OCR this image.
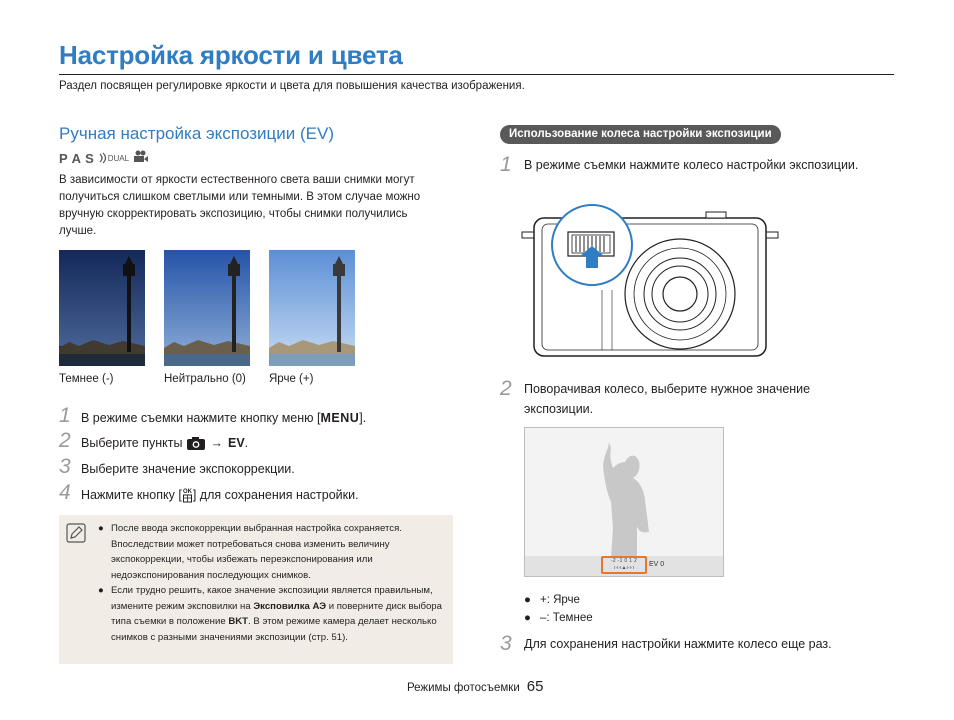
Настройка яркости и цвета
Раздел посвящен регулировке яркости и цвета для повышения качества изображения.
Ручная настройка экспозиции (EV)
P A S DUAL
В зависимости от яркости естественного света ваши снимки могут получиться слишком светлыми или темными. В этом случае можно вручную скорректировать экспозицию, чтобы снимки получились лучше.
Темнее (-)	Нейтрально (0) Ярче (+)
1 В режиме съемки нажмите кнопку меню [MENU].
2 Выберите пункты → EV.
3 Выберите значение экспокоррекции.
4 Нажмите кнопку [ OK ] для сохранения настройки.
● После ввода экспокоррекции выбранная настройка сохраняется. Впоследствии может потребоваться снова изменить величину экспокоррекции, чтобы избежать переэкспонирования или недоэкспонирования последующих снимков.
● Если трудно решить, какое значение экспозиции является правильным, измените режим эксповилки на Эксповилка АЭ и поверните диск выбора типа съемки в положение BKT. В этом режиме камера делает несколько снимков с разными значениями экспозиции (стр. 51).
Использование колеса настройки экспозиции
1 В режиме съемки нажмите колесо настройки экспозиции.
2 Поворачивая колесо, выберите нужное значение экспозиции.
-2 -1 0 1 2
ı·ı·ı▲ı·ı·ı	EV 0
● +: Ярче
● –: Темнее
3 Для сохранения настройки нажмите колесо еще раз.
Режимы фотосъемки 65
